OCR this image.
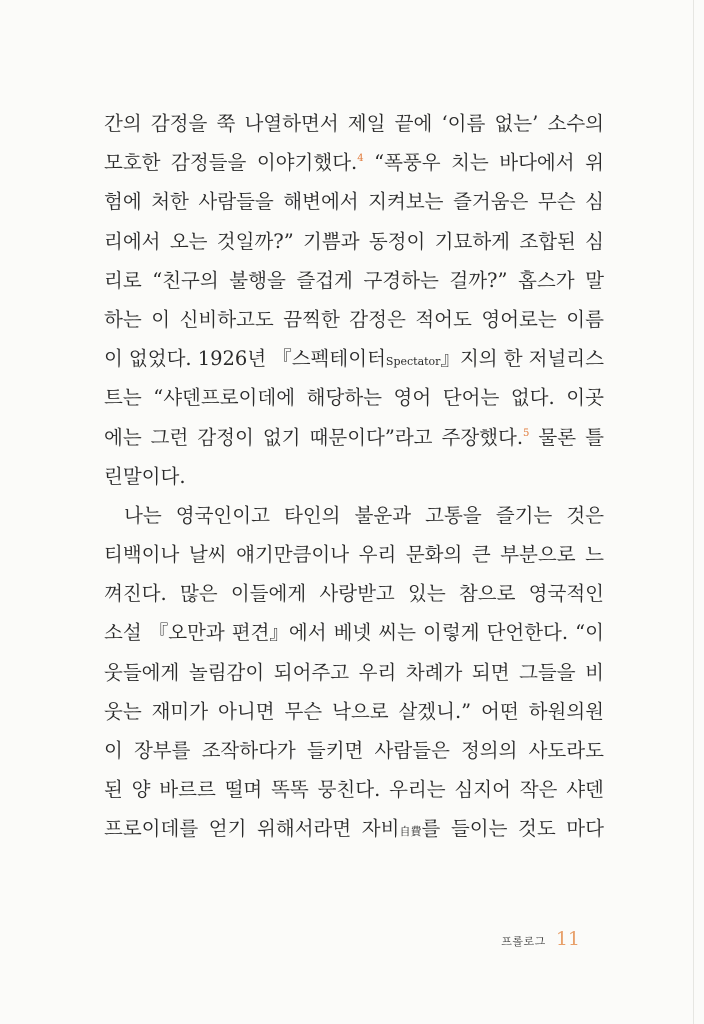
간의 감정을 쭉 나열하면서 제일 끝에 ‘이름 없는’ 소수의
모호한 감정들을 이야기했다.$^4$ “폭풍우 치는 바다에서 위
험에 처한 사람들을 해변에서 지켜보는 즐거움은 무슨 심
리에서 오는 것일까?” 기쁨과 동정이 기묘하게 조합된 심
리로 “친구의 불행을 즐겁게 구경하는 걸까?” 홉스가 말
하는 이 신비하고도 끔찍한 감정은 적어도 영어로는 이름
이 없었다. 1926년 『스펙테이터Spectator』지의 한 저널리스
트는 “샤덴프로이데에 해당하는 영어 단어는 없다. 이곳
에는 그런 감정이 없기 때문이다”라고 주장했다.$^5$ 물론 틀
린 말이다.
나는 영국인이고 타인의 불운과 고통을 즐기는 것은
티백이나 날씨 얘기만큼이나 우리 문화의 큰 부분으로 느
껴진다. 많은 이들에게 사랑받고 있는 참으로 영국적인
소설 『오만과 편견』에서 베넷 씨는 이렇게 단언한다. “이
웃들에게 놀림감이 되어주고 우리 차례가 되면 그들을 비
웃는 재미가 아니면 무슨 낙으로 살겠니.” 어떤 하원의원
이 장부를 조작하다가 들키면 사람들은 정의의 사도라도
된 양 바르르 떨며 똑똑 뭉친다. 우리는 심지어 작은 샤덴
프로이데를 얻기 위해서라면 자비自費를 들이는 것도 마다
프롤로그 11
